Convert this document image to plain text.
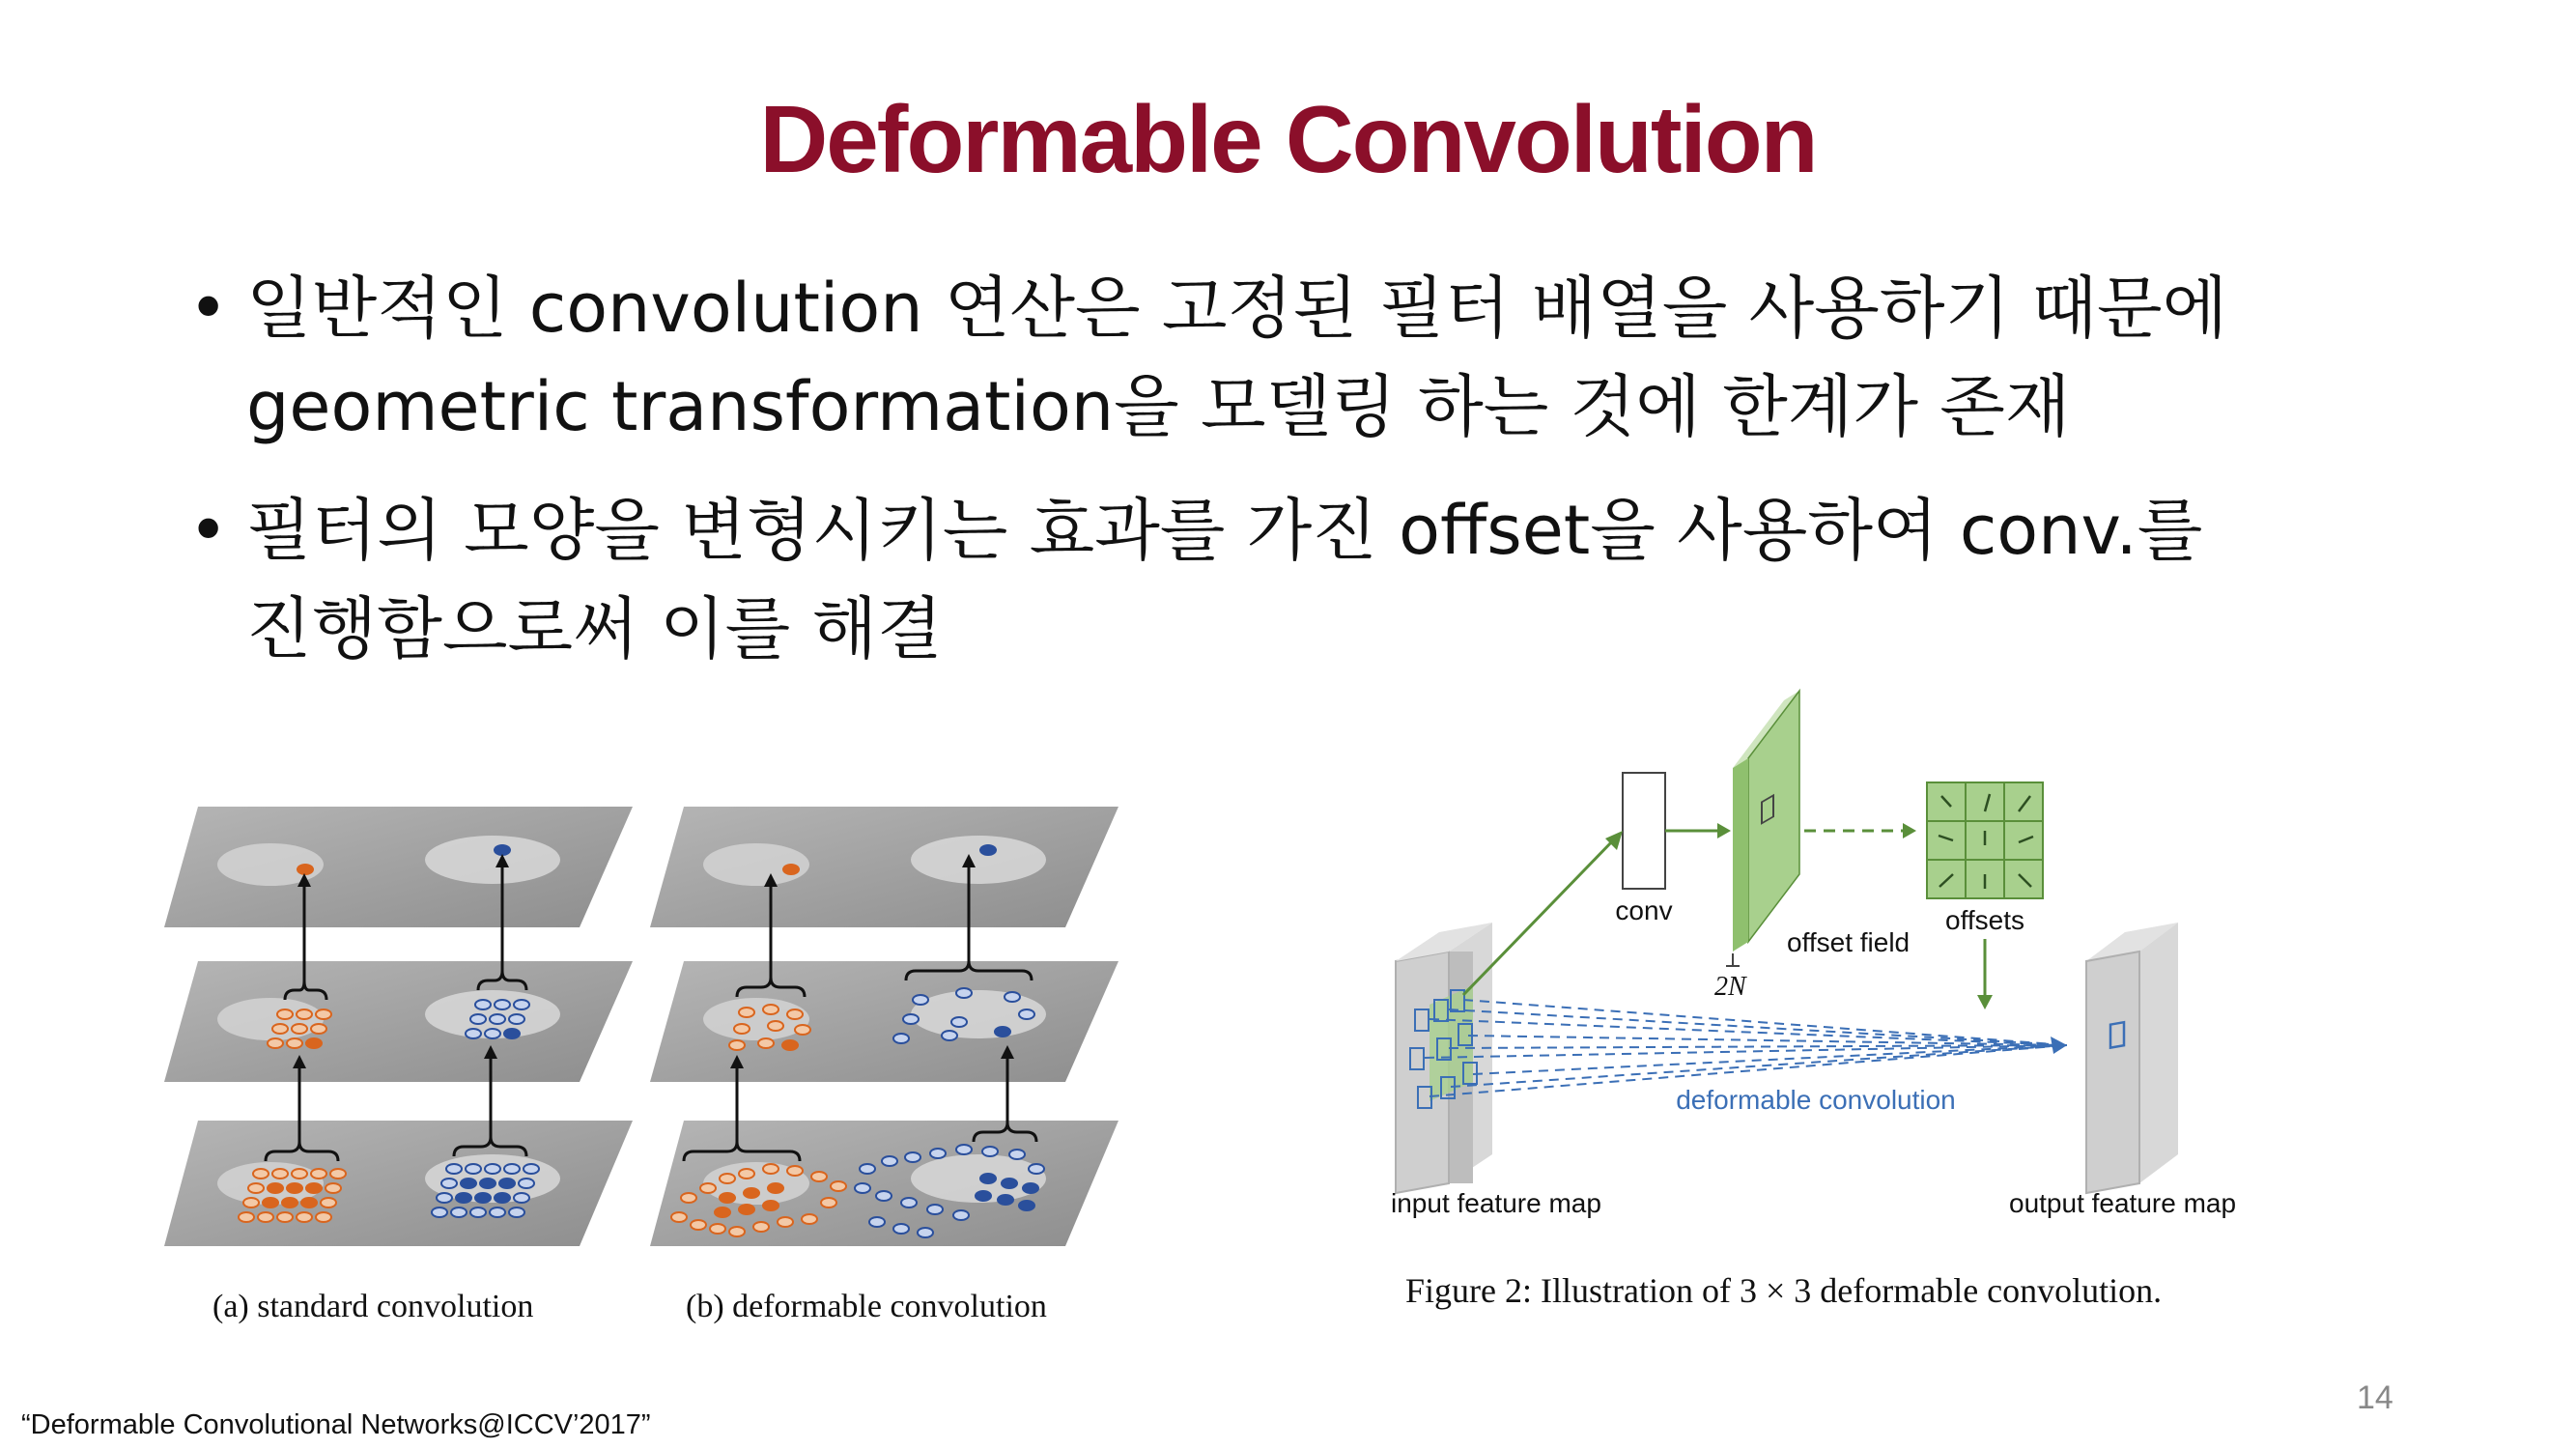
Deformable Convolution
• 일반적인 convolution 연산은 고정된 필터 배열을 사용하기 때문에
geometric transformation을 모델링 하는 것에 한계가 존재
• 필터의 모양을 변형시키는 효과를 가진 offset을 사용하여 conv.를
진행함으로써 이를 해결
(a) standard convolution	(b) deformable convolution
conv
offset field
2N
offsets
deformable convolution
input feature map	output feature map
Figure 2: Illustration of 3 × 3 deformable convolution.
14
“Deformable Convolutional Networks@ICCV’2017”
